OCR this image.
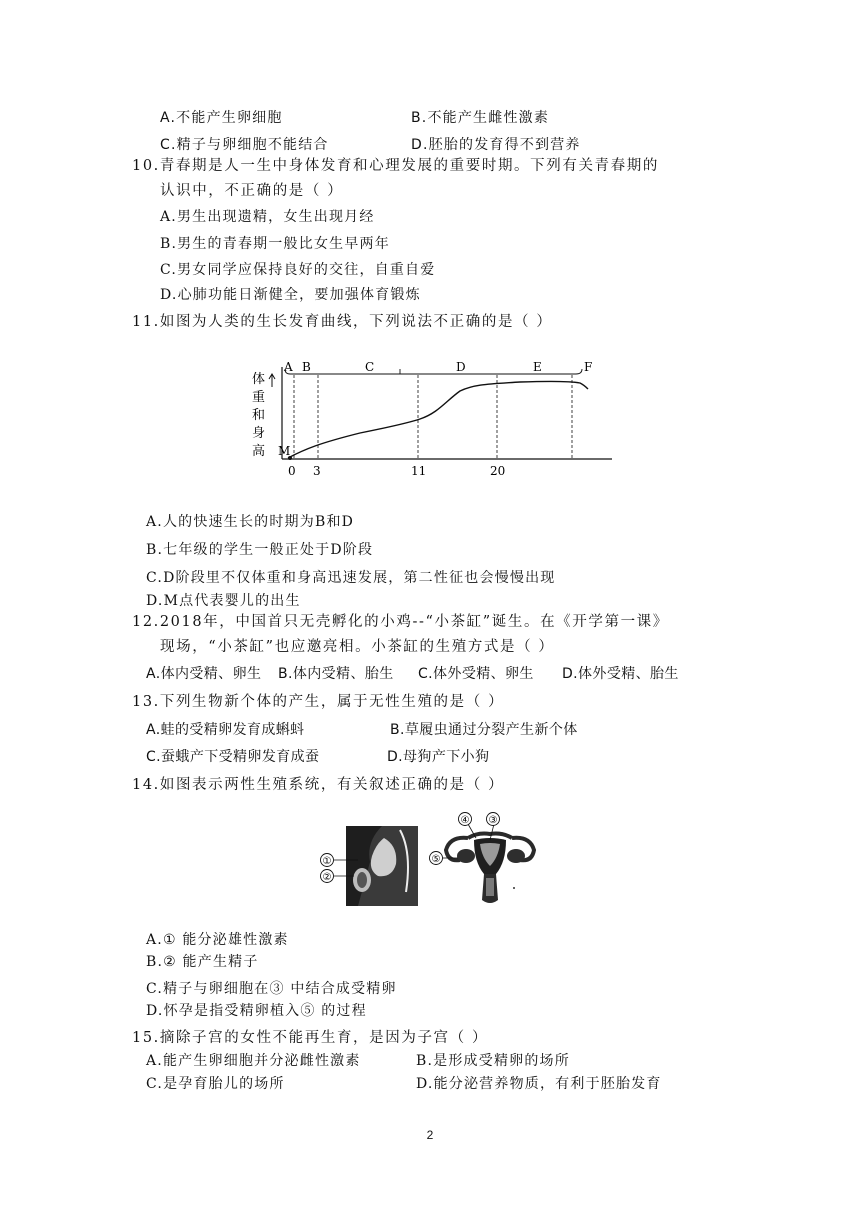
A.不能产生卵细胞	B.不能产生雌性激素
C.精子与卵细胞不能结合	D.胚胎的发育得不到营养
10.青春期是人一生中身体发育和心理发展的重要时期。下列有关青春期的
认识中，不正确的是（ ）
A.男生出现遗精，女生出现月经
B.男生的青春期一般比女生早两年
C.男女同学应保持良好的交往，自重自爱
D.心肺功能日渐健全，要加强体育锻炼
11.如图为人类的生长发育曲线，下列说法不正确的是（ ）
体
重
和
身
高
A B	C	D	E	F
M
0 3	11	20
A.人的快速生长的时期为B和D
B.七年级的学生一般正处于D阶段
C.D阶段里不仅体重和身高迅速发展，第二性征也会慢慢出现
D.M点代表婴儿的出生
12.2018年，中国首只无壳孵化的小鸡--“小茶缸”诞生。在《开学第一课》
现场，“小茶缸”也应邀亮相。小茶缸的生殖方式是（ ）
A.体内受精、卵生 B.体内受精、胎生 C.体外受精、卵生 D.体外受精、胎生
13.下列生物新个体的产生，属于无性生殖的是（ ）
A.蛙的受精卵发育成蝌蚪	B.草履虫通过分裂产生新个体
C.蚕蛾产下受精卵发育成蚕	D.母狗产下小狗
14.如图表示两性生殖系统，有关叙述正确的是（ ）
①
②
④ ③
⑤
A.① 能分泌雄性激素
B.② 能产生精子
C.精子与卵细胞在③ 中结合成受精卵
D.怀孕是指受精卵植入⑤ 的过程
15.摘除子宫的女性不能再生育，是因为子宫（ ）
A.能产生卵细胞并分泌雌性激素	B.是形成受精卵的场所
C.是孕育胎儿的场所	D.能分泌营养物质，有利于胚胎发育
2
